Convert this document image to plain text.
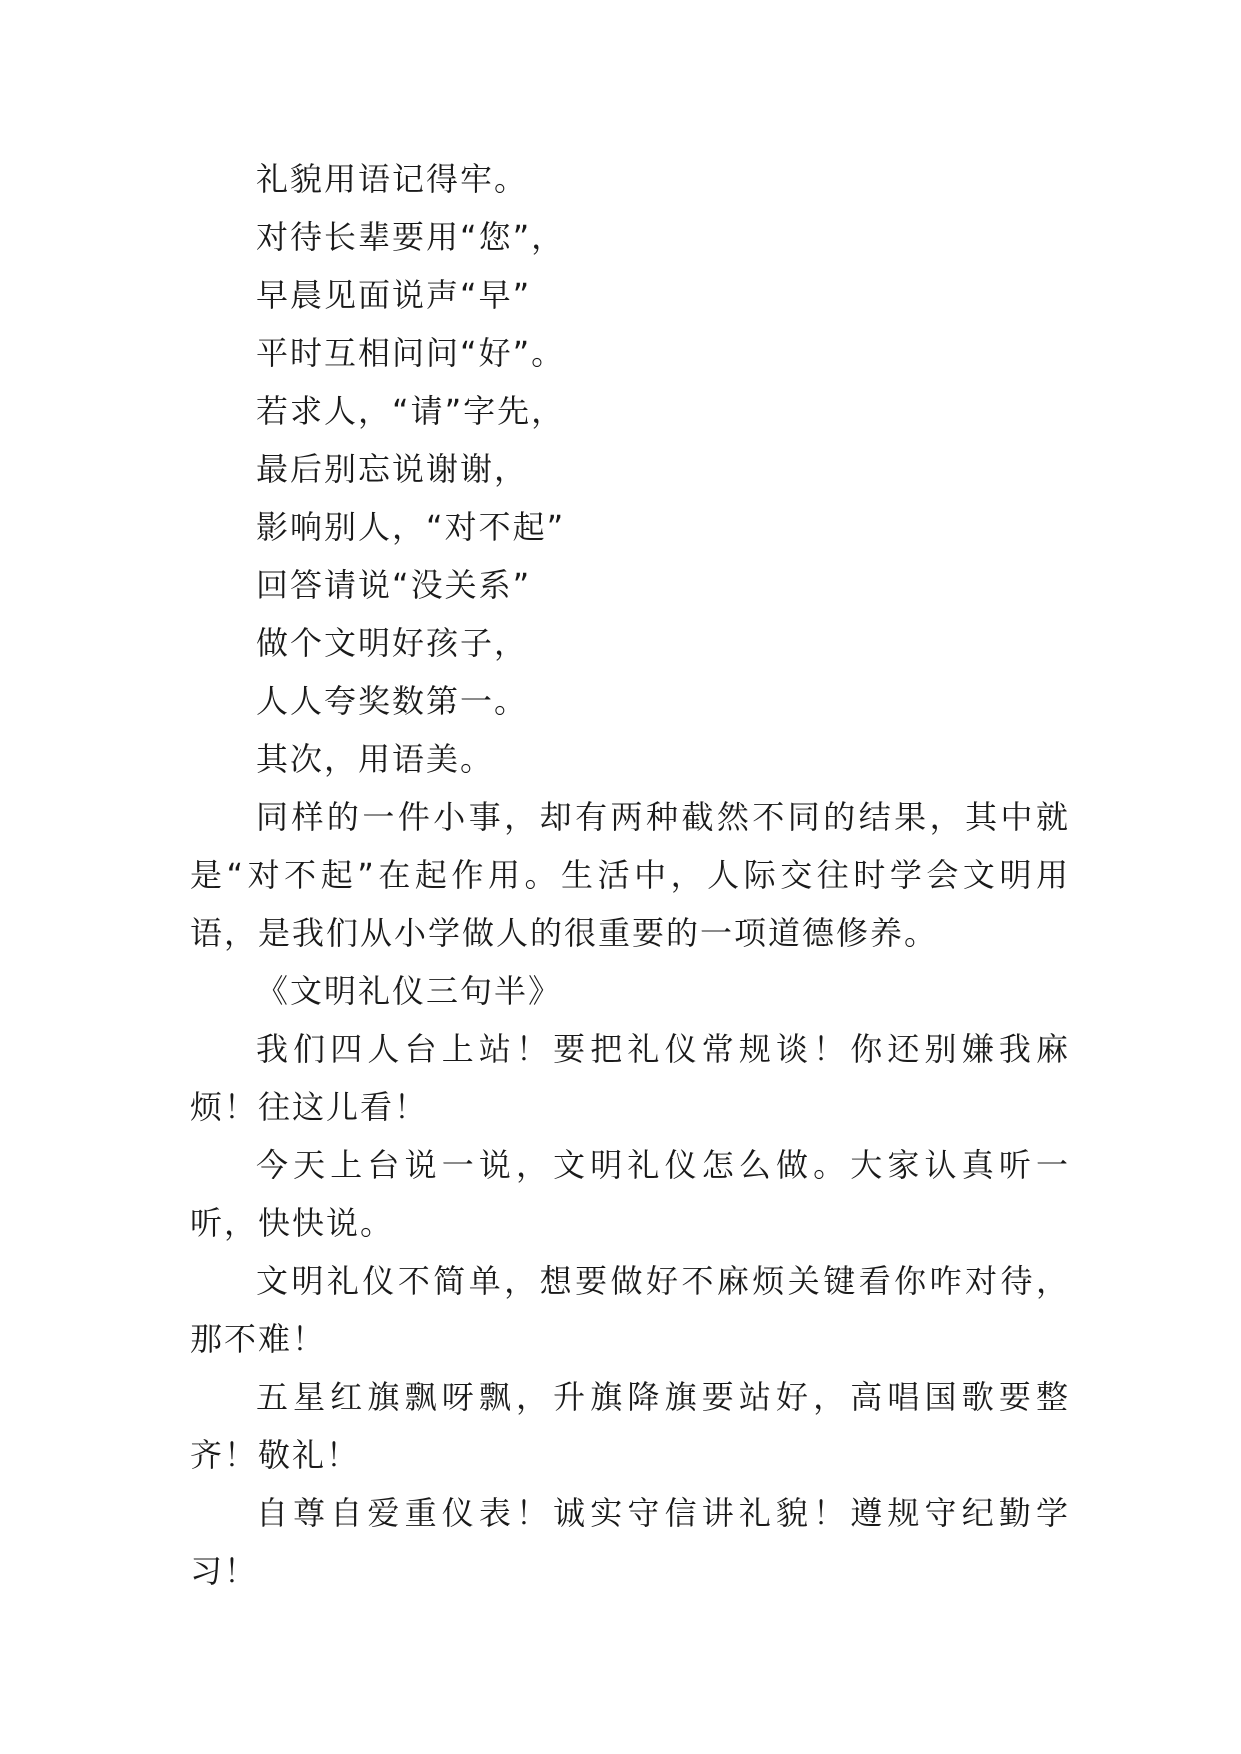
礼貌用语记得牢。

对待长辈要用“您”，

早晨见面说声“早”

平时互相问问“好”。

若求人，“请”字先，

最后别忘说谢谢，

影响别人，“对不起”

回答请说“没关系”

做个文明好孩子，

人人夸奖数第一。

其次，用语美。

同样的一件小事，却有两种截然不同的结果，其中就是“对不起”在起作用。生活中，人际交往时学会文明用语，是我们从小学做人的很重要的一项道德修养。

《文明礼仪三句半》

我们四人台上站！要把礼仪常规谈！你还别嫌我麻烦！往这儿看！

今天上台说一说，文明礼仪怎么做。大家认真听一听，快快说。

文明礼仪不简单，想要做好不麻烦关键看你咋对待，那不难！

五星红旗飘呀飘，升旗降旗要站好，高唱国歌要整齐！敬礼！

自尊自爱重仪表！诚实守信讲礼貌！遵规守纪勤学习！
